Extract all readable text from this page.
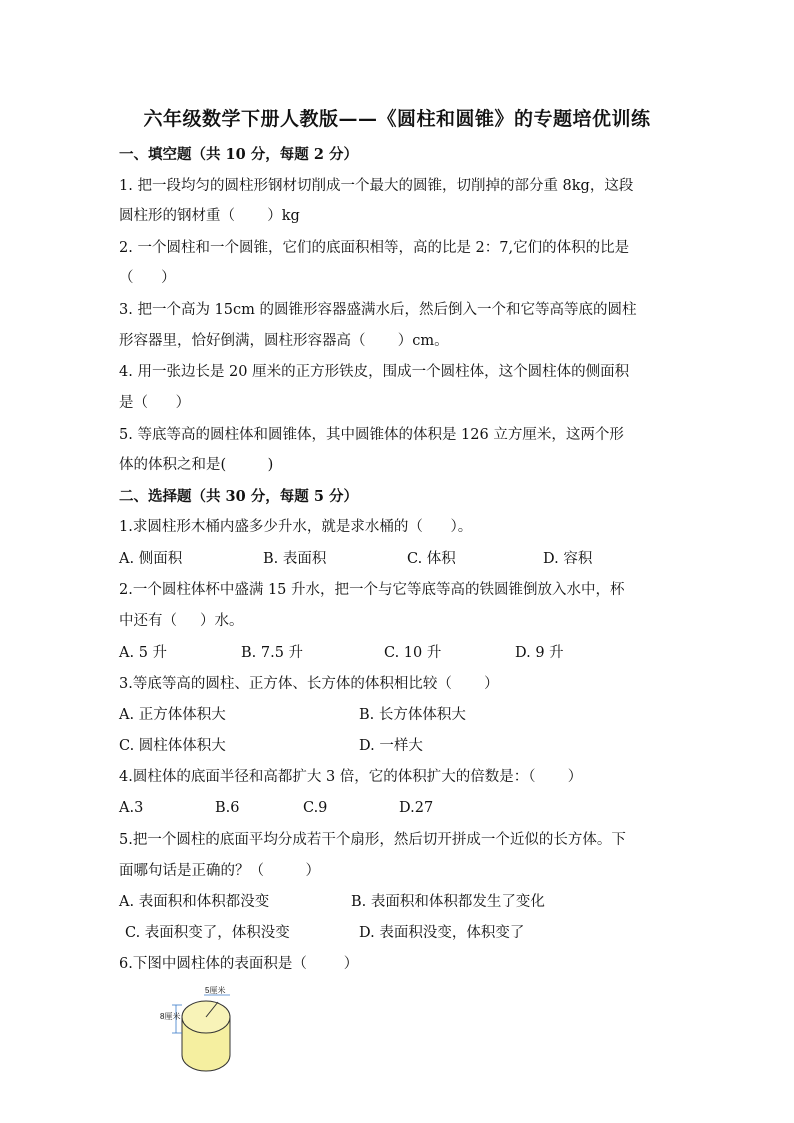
六年级数学下册人教版——《圆柱和圆锥》的专题培优训练
一、填空题（共 10 分，每题 2 分）
1. 把一段均匀的圆柱形钢材切削成一个最大的圆锥，切削掉的部分重 8kg，这段
圆柱形的钢材重（       ）kg
2. 一个圆柱和一个圆锥，它们的底面积相等，高的比是 2：7,它们的体积的比是
（      ）
3. 把一个高为 15cm 的圆锥形容器盛满水后，然后倒入一个和它等高等底的圆柱
形容器里，恰好倒满，圆柱形容器高（       ）cm。
4. 用一张边长是 20 厘米的正方形铁皮，围成一个圆柱体，这个圆柱体的侧面积
是（      ）
5. 等底等高的圆柱体和圆锥体，其中圆锥体的体积是 126 立方厘米，这两个形
体的体积之和是(         )
二、选择题（共 30 分，每题 5 分）
1.求圆柱形木桶内盛多少升水，就是求水桶的（      ）。
A. 侧面积	B. 表面积	C. 体积	D. 容积
2.一个圆柱体杯中盛满 15 升水，把一个与它等底等高的铁圆锥倒放入水中，杯
中还有（     ）水。
A. 5 升	B. 7.5 升	C. 10 升	D. 9 升
3.等底等高的圆柱、正方体、长方体的体积相比较（       ）
A. 正方体体积大	B. 长方体体积大
C. 圆柱体体积大	D. 一样大
4.圆柱体的底面半径和高都扩大 3 倍，它的体积扩大的倍数是：（       ）
A.3	B.6	C.9	D.27
5.把一个圆柱的底面平均分成若干个扇形，然后切开拼成一个近似的长方体。下
面哪句话是正确的？（         ）
A. 表面积和体积都没变	B. 表面积和体积都发生了变化
C. 表面积变了，体积没变	D. 表面积没变，体积变了
6.下图中圆柱体的表面积是（        ）
5厘米
8厘米
